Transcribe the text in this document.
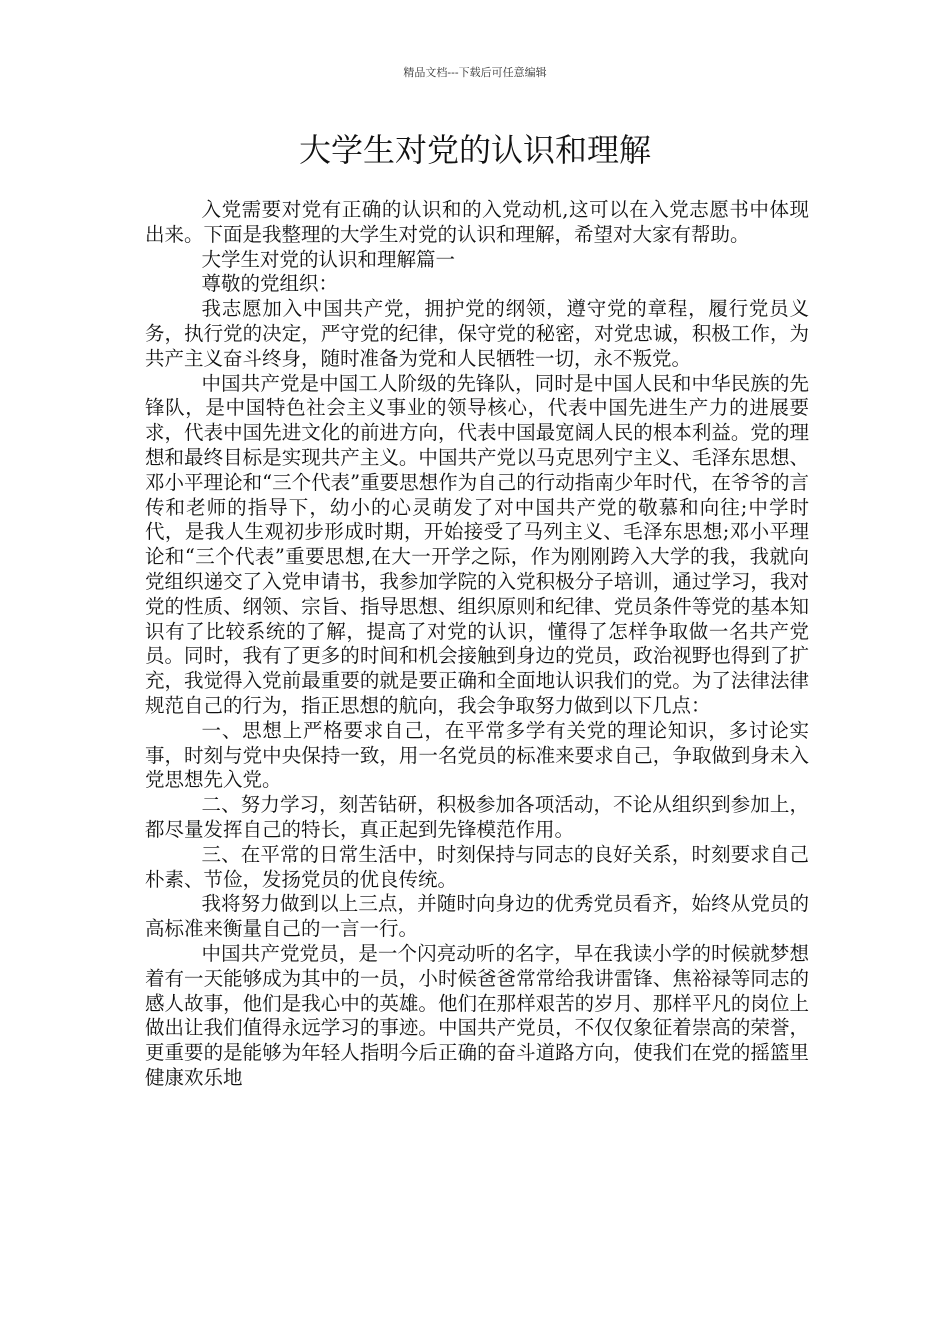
精品文档---下载后可任意编辑
大学生对党的认识和理解

入党需要对党有正确的认识和的入党动机,这可以在入党志愿书中体现出来。下面是我整理的大学生对党的认识和理解，希望对大家有帮助。

大学生对党的认识和理解篇一

尊敬的党组织：

我志愿加入中国共产党，拥护党的纲领，遵守党的章程，履行党员义务，执行党的决定，严守党的纪律，保守党的秘密，对党忠诚，积极工作，为共产主义奋斗终身，随时准备为党和人民牺牲一切，永不叛党。

中国共产党是中国工人阶级的先锋队，同时是中国人民和中华民族的先锋队，是中国特色社会主义事业的领导核心，代表中国先进生产力的进展要求，代表中国先进文化的前进方向，代表中国最宽阔人民的根本利益。党的理想和最终目标是实现共产主义。中国共产党以马克思列宁主义、毛泽东思想、邓小平理论和“三个代表”重要思想作为自己的行动指南少年时代，在爷爷的言传和老师的指导下，幼小的心灵萌发了对中国共产党的敬慕和向往;中学时代，是我人生观初步形成时期，开始接受了马列主义、毛泽东思想;邓小平理论和“三个代表”重要思想,在大一开学之际，作为刚刚跨入大学的我，我就向党组织递交了入党申请书，我参加学院的入党积极分子培训，通过学习，我对党的性质、纲领、宗旨、指导思想、组织原则和纪律、党员条件等党的基本知识有了比较系统的了解，提高了对党的认识，懂得了怎样争取做一名共产党员。同时，我有了更多的时间和机会接触到身边的党员，政治视野也得到了扩充，我觉得入党前最重要的就是要正确和全面地认识我们的党。为了法律法律规范自己的行为，指正思想的航向，我会争取努力做到以下几点：

一、思想上严格要求自己，在平常多学有关党的理论知识，多讨论实事，时刻与党中央保持一致，用一名党员的标准来要求自己，争取做到身未入党思想先入党。

二、努力学习，刻苦钻研，积极参加各项活动，不论从组织到参加上，都尽量发挥自己的特长，真正起到先锋模范作用。

三、在平常的日常生活中，时刻保持与同志的良好关系，时刻要求自己朴素、节俭，发扬党员的优良传统。

我将努力做到以上三点，并随时向身边的优秀党员看齐，始终从党员的高标准来衡量自己的一言一行。

中国共产党党员，是一个闪亮动听的名字，早在我读小学的时候就梦想着有一天能够成为其中的一员，小时候爸爸常常给我讲雷锋、焦裕禄等同志的感人故事，他们是我心中的英雄。他们在那样艰苦的岁月、那样平凡的岗位上做出让我们值得永远学习的事迹。中国共产党员，不仅仅象征着崇高的荣誉，更重要的是能够为年轻人指明今后正确的奋斗道路方向，使我们在党的摇篮里健康欢乐地
